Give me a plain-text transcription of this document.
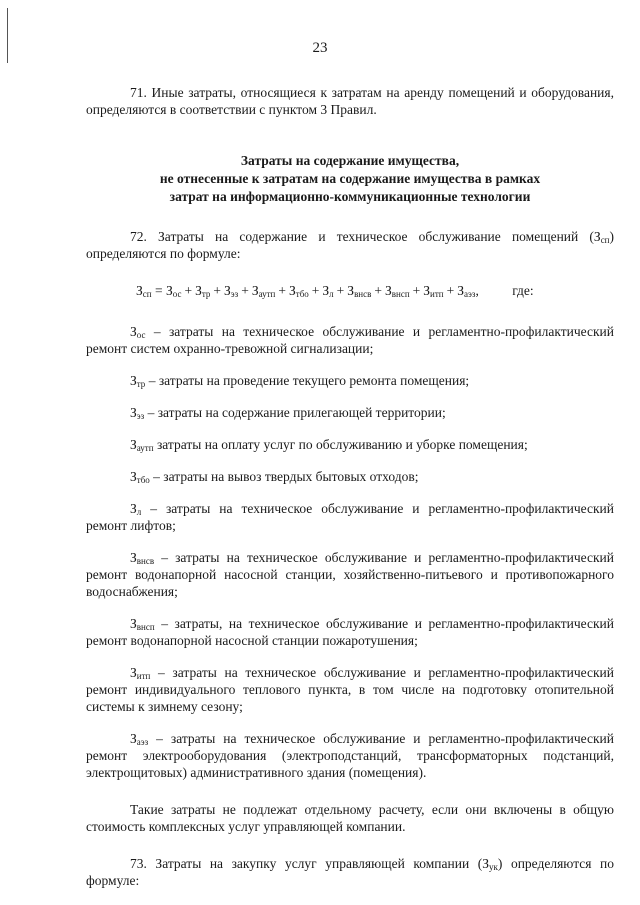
23

71. Иные затраты, относящиеся к затратам на аренду помещений и оборудования, определяются в соответствии с пунктом 3 Правил.

Затраты на содержание имущества,

не отнесенные к затратам на содержание имущества в рамках

затрат на информационно-коммуникационные технологии

72. Затраты на содержание и техническое обслуживание помещений $(З_{сп})$ определяются по формуле:

$З_{сп} = З_{ос} + З_{тр} + З_{эз} + З_{аутп} + З_{тбо} + З_л + З_{внсв} + З_{внсп} + З_{итп} + З_{аэз}$, где:

$З_{ос}$ – затраты на техническое обслуживание и регламентно-профилактический ремонт систем охранно-тревожной сигнализации;

$З_{тр}$ – затраты на проведение текущего ремонта помещения;

$З_{эз}$ – затраты на содержание прилегающей территории;

$З_{аутп}$ затраты на оплату услуг по обслуживанию и уборке помещения;

$З_{тбо}$ – затраты на вывоз твердых бытовых отходов;

$З_л$ – затраты на техническое обслуживание и регламентно-профилактический ремонт лифтов;

$З_{внсв}$ – затраты на техническое обслуживание и регламентно-профилактический ремонт водонапорной насосной станции, хозяйственно-питьевого и противопожарного водоснабжения;

$З_{внсп}$ – затраты, на техническое обслуживание и регламентно-профилактический ремонт водонапорной насосной станции пожаротушения;

$З_{итп}$ – затраты на техническое обслуживание и регламентно-профилактический ремонт индивидуального теплового пункта, в том числе на подготовку отопительной системы к зимнему сезону;

$З_{аэз}$ – затраты на техническое обслуживание и регламентно-профилактический ремонт электрооборудования (электроподстанций, трансформаторных подстанций, электрощитовых) административного здания (помещения).

Такие затраты не подлежат отдельному расчету, если они включены в общую стоимость комплексных услуг управляющей компании.

73. Затраты на закупку услуг управляющей компании $(З_{ук})$ определяются по формуле:
